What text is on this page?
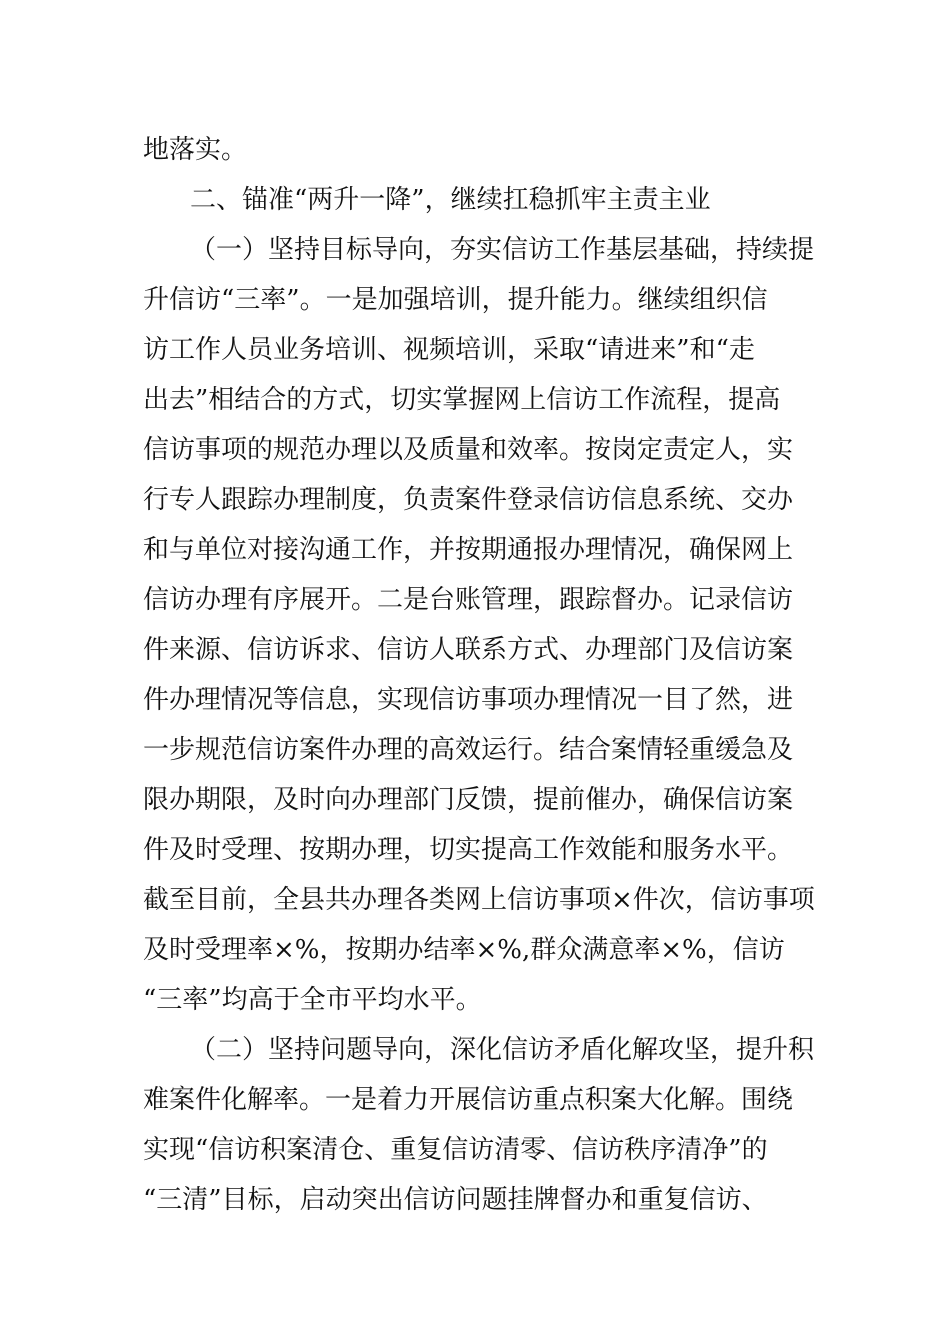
地落实。
二、锚准“两升一降”，继续扛稳抓牢主责主业
（一）坚持目标导向，夯实信访工作基层基础，持续提
升信访“三率”。一是加强培训，提升能力。继续组织信
访工作人员业务培训、视频培训，采取“请进来”和“走
出去”相结合的方式，切实掌握网上信访工作流程，提高
信访事项的规范办理以及质量和效率。按岗定责定人，实
行专人跟踪办理制度，负责案件登录信访信息系统、交办
和与单位对接沟通工作，并按期通报办理情况，确保网上
信访办理有序展开。二是台账管理，跟踪督办。记录信访
件来源、信访诉求、信访人联系方式、办理部门及信访案
件办理情况等信息，实现信访事项办理情况一目了然，进
一步规范信访案件办理的高效运行。结合案情轻重缓急及
限办期限，及时向办理部门反馈，提前催办，确保信访案
件及时受理、按期办理，切实提高工作效能和服务水平。
截至目前，全县共办理各类网上信访事项×件次，信访事项
及时受理率×%，按期办结率×%,群众满意率×%，信访
“三率”均高于全市平均水平。
（二）坚持问题导向，深化信访矛盾化解攻坚，提升积
难案件化解率。一是着力开展信访重点积案大化解。围绕
实现“信访积案清仓、重复信访清零、信访秩序清净”的
“三清”目标，启动突出信访问题挂牌督办和重复信访、
